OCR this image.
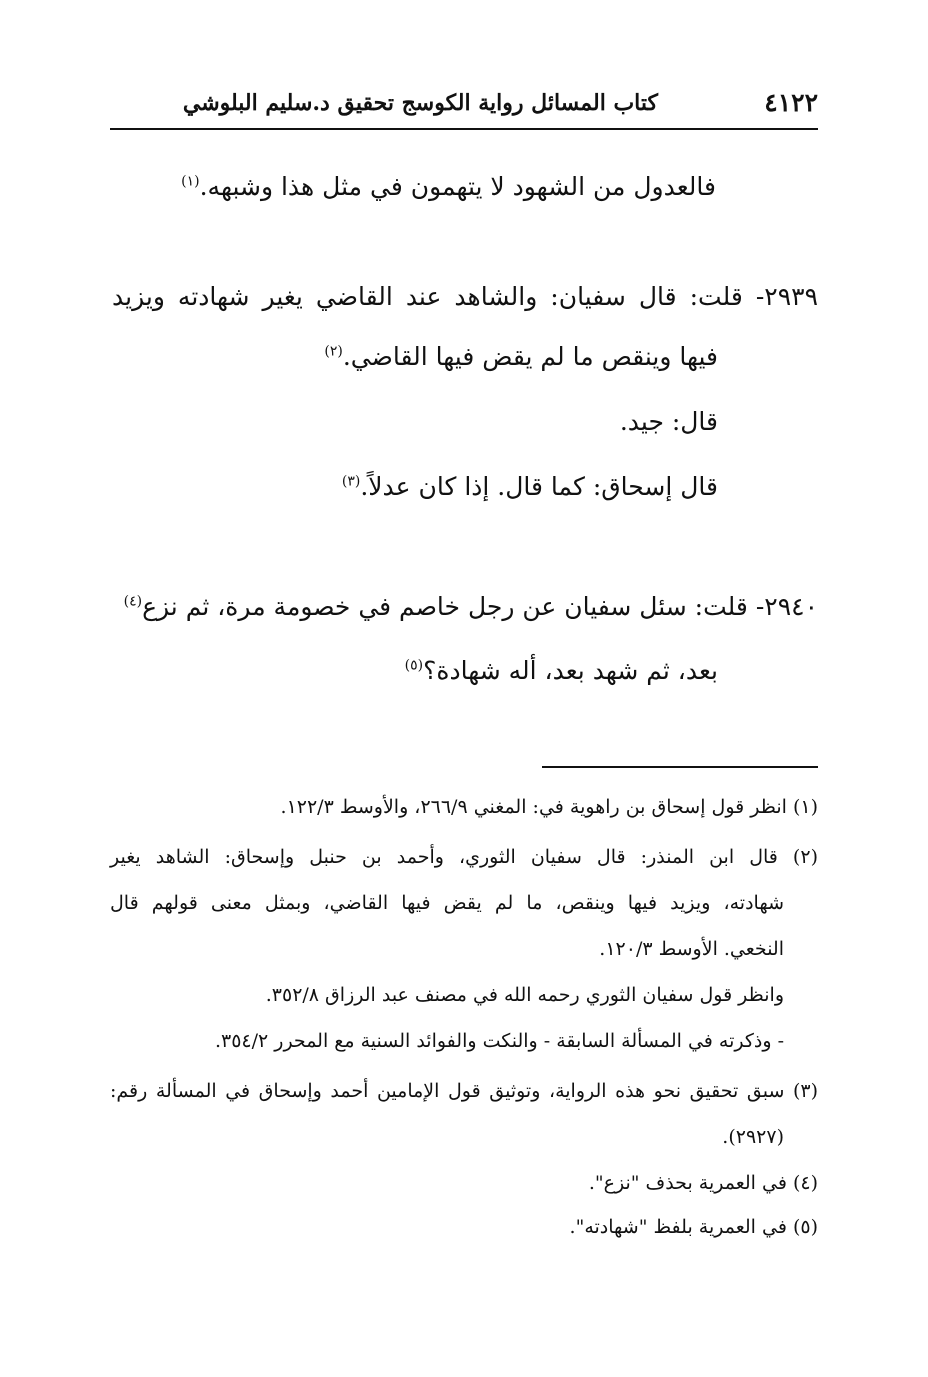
كتاب المسائل رواية الكوسج تحقيق د.سليم البلوشي	٤١٢٢
فالعدول من الشهود لا يتهمون في مثل هذا وشبهه.$^{(١)}$
٢٩٣٩- قلت: قال سفيان: والشاهد عند القاضي يغير شهادته ويزيد
فيها وينقص ما لم يقض فيها القاضي.$^{(٢)}$
قال: جيد.
قال إسحاق: كما قال. إذا كان عدلاً.$^{(٣)}$
٢٩٤٠- قلت: سئل سفيان عن رجل خاصم في خصومة مرة، ثم نزع$^{(٤)}$
بعد، ثم شهد بعد، أله شهادة؟$^{(٥)}$
(١) انظر قول إسحاق بن راهوية في: المغني ٢٦٦/٩، والأوسط ١٢٢/٣.
(٢) قال ابن المنذر: قال سفيان الثوري، وأحمد بن حنبل وإسحاق: الشاهد يغير
شهادته، ويزيد فيها وينقص، ما لم يقض فيها القاضي، وبمثل معنى قولهم قال
النخعي. الأوسط ١٢٠/٣.
وانظر قول سفيان الثوري رحمه الله في مصنف عبد الرزاق ٣٥٢/٨.
- وذكرته في المسألة السابقة - والنكت والفوائد السنية مع المحرر ٣٥٤/٢.
(٣) سبق تحقيق نحو هذه الرواية، وتوثيق قول الإمامين أحمد وإسحاق في المسألة رقم:
(٢٩٢٧).
(٤) في العمرية بحذف "نزع".
(٥) في العمرية بلفظ "شهادته".
